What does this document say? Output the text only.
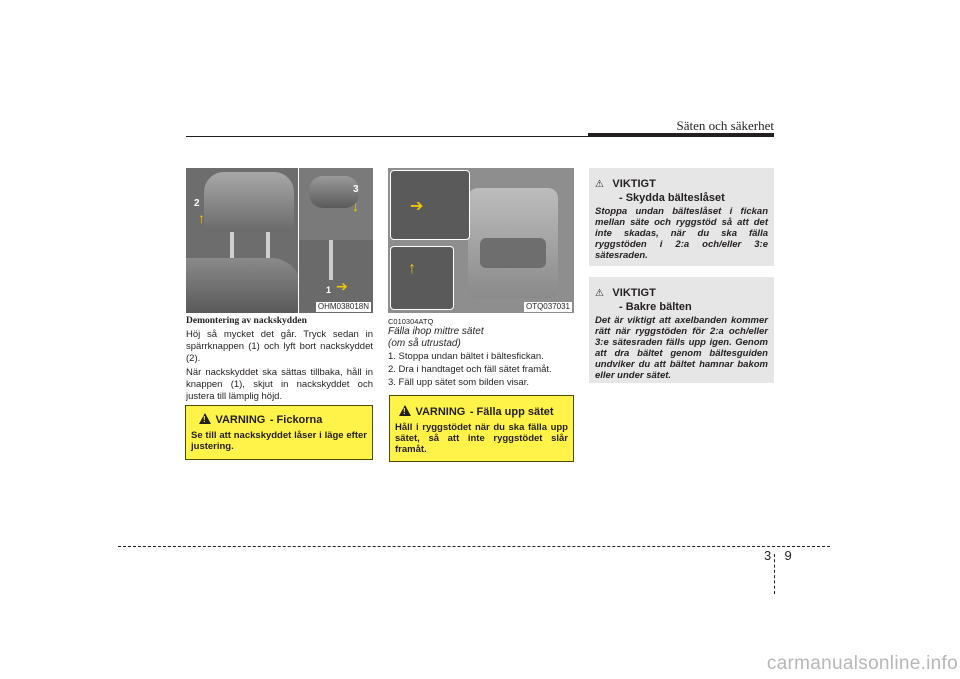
Säten och säkerhet
2
3
1
↑
↓
➔
OHM038018N
Demontering av nackskydden
Höj så mycket det går. Tryck sedan in spärrknappen (1) och lyft bort nackskyddet (2).
När nackskyddet ska sättas tillbaka, håll in knappen (1), skjut in nackskyddet och justera till lämplig höjd.
! VARNING - Fickorna
Se till att nackskyddet låser i läge efter justering.
➔
↑
OTQ037031
C010304ATQ
Fälla ihop mittre sätet
(om så utrustad)
1. Stoppa undan bältet i bältesfickan.
2. Dra i handtaget och fäll sätet framåt.
3. Fäll upp sätet som bilden visar.
! VARNING - Fälla upp sätet
Håll i ryggstödet när du ska fälla upp sätet, så att inte ryggstödet slår framåt.
⚠ VIKTIGT
- Skydda bälteslåset
Stoppa undan bälteslåset i fickan mellan säte och ryggstöd så att det inte skadas, när du ska fälla ryggstöden i 2:a och/eller 3:e sätesraden.
⚠ VIKTIGT
- Bakre bälten
Det är viktigt att axelbanden kommer rätt när ryggstöden för 2:a och/eller 3:e sätesraden fälls upp igen. Genom att dra bältet genom bältesguiden undviker du att bältet hamnar bakom eller under sätet.
3 9
carmanualsonline.info
